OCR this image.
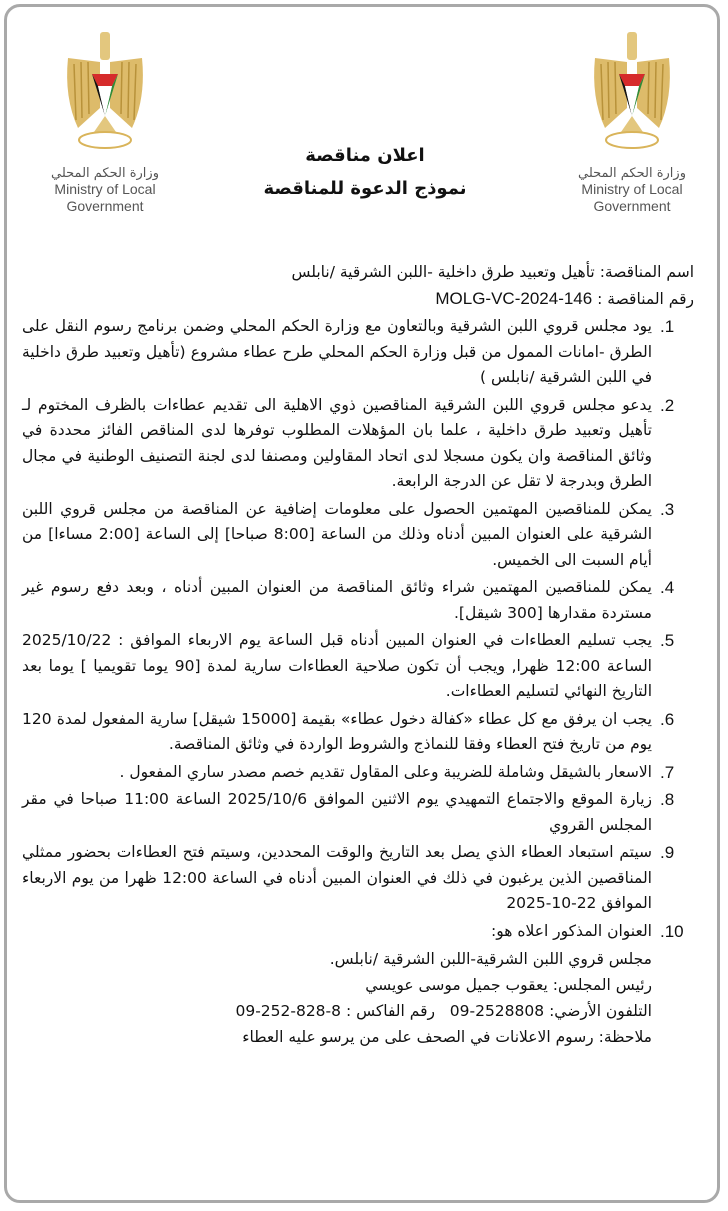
وزارة الحكم المحلي
Ministry of Local
Government
وزارة الحكم المحلي
Ministry of Local
Government
اعلان مناقصة
نموذج الدعوة للمناقصة
اسم المناقصة: تأهيل وتعبيد طرق داخلية -اللبن الشرقية /نابلس
رقم المناقصة : MOLG-VC-2024-146
.1
يود مجلس قروي اللبن الشرقية وبالتعاون مع وزارة الحكم المحلي وضمن برنامج رسوم النقل على الطرق -امانات الممول من قبل وزارة الحكم المحلي طرح عطاء مشروع (تأهيل وتعبيد طرق داخلية في اللبن الشرقية /نابلس )
.2
يدعو مجلس قروي اللبن الشرقية المناقصين ذوي الاهلية الى تقديم عطاءات بالظرف المختوم لـ تأهيل وتعبيد طرق داخلية ، علما بان المؤهلات المطلوب توفرها لدى المناقص الفائز محددة في وثائق المناقصة وان يكون مسجلا لدى اتحاد المقاولين ومصنفا لدى لجنة التصنيف الوطنية في مجال الطرق وبدرجة لا تقل عن الدرجة الرابعة.
.3
يمكن للمناقصين المهتمين الحصول على معلومات إضافية عن المناقصة من مجلس قروي اللبن الشرقية على العنوان المبين أدناه وذلك من الساعة [8:00 صباحا] إلى الساعة [2:00 مساءا] من أيام السبت الى الخميس.
.4
يمكن للمناقصين المهتمين شراء وثائق المناقصة من العنوان المبين أدناه ، وبعد دفع رسوم غير مستردة مقدارها [300 شيقل].
.5
يجب تسليم العطاءات في العنوان المبين أدناه قبل الساعة يوم الاربعاء الموافق : 2025/10/22 الساعة 12:00 ظهرا, ويجب أن تكون صلاحية العطاءات سارية لمدة [90 يوما تقويميا ] يوما بعد التاريخ النهائي لتسليم العطاءات.
.6
يجب ان يرفق مع كل عطاء «كفالة دخول عطاء» بقيمة [15000 شيقل] سارية المفعول لمدة 120 يوم من تاريخ فتح العطاء وفقا للنماذج والشروط الواردة في وثائق المناقصة.
.7
الاسعار بالشيقل وشاملة للضريبة وعلى المقاول تقديم خصم مصدر ساري المفعول .
.8
زيارة الموقع والاجتماع التمهيدي يوم الاثنين الموافق 2025/10/6 الساعة 11:00 صباحا في مقر المجلس القروي
.9
سيتم استبعاد العطاء الذي يصل بعد التاريخ والوقت المحددين، وسيتم فتح العطاءات بحضور ممثلي المناقصين الذين يرغبون في ذلك في العنوان المبين أدناه في الساعة 12:00 ظهرا من يوم الاربعاء الموافق 22-10-2025
.10
العنوان المذكور اعلاه هو:
مجلس قروي اللبن الشرقية-اللبن الشرقية /نابلس.
رئيس المجلس: يعقوب جميل موسى عويسي
التلفون الأرضي: 09-2528808   رقم الفاكس : 09-252-828-8
ملاحظة: رسوم الاعلانات في الصحف على من يرسو عليه العطاء
